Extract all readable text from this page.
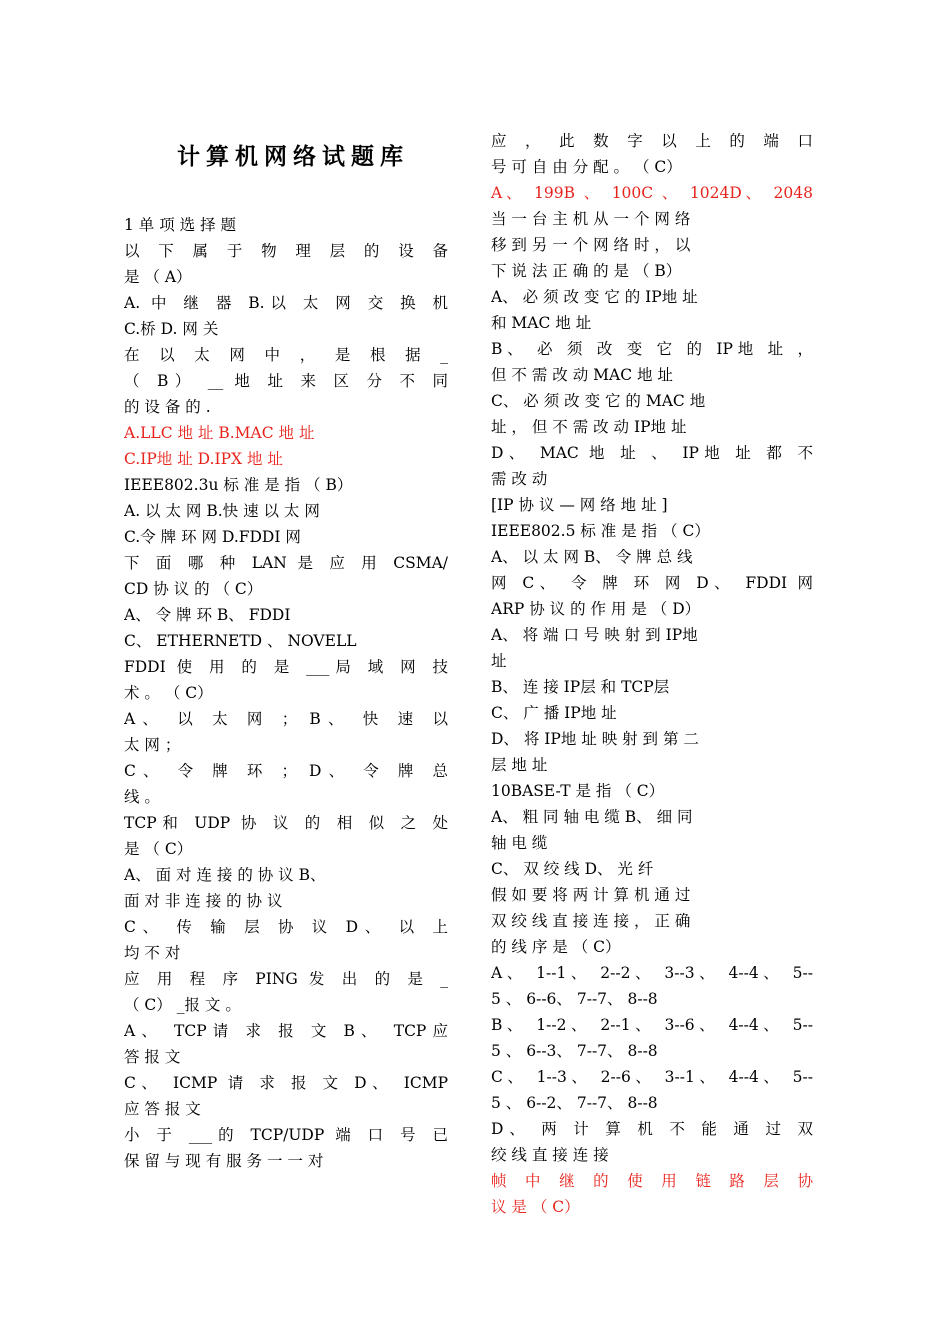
计算机网络试题库
1 单 项 选 择 题
以 下 属 于 物 理 层 的 设 备
是 （ A）
A. 中 继 器 B.以 太 网 交 换 机
C.桥 D. 网 关
在 以 太 网 中 ， 是 根 据 _
（ B） __ 地 址 来 区 分 不 同
的 设 备 的 .
A.LLC 地 址 B.MAC 地 址
C.IP地 址 D.IPX 地 址
IEEE802.3u 标 准 是 指 （ B）
A. 以 太 网 B.快 速 以 太 网
C.令 牌 环 网 D.FDDI 网
下 面 哪 种 LAN 是 应 用 CSMA/
CD 协 议 的 （ C）
A、 令 牌 环 B、 FDDI
C、 ETHERNETD 、 NOVELL
FDDI 使 用 的 是 ___局 域 网 技
术 。 （ C）
A、 以 太 网 ； B、 快 速 以
太 网 ；
C、 令 牌 环 ； D、 令 牌 总
线 。
TCP和 UDP 协 议 的 相 似 之 处
是 （ C）
A、 面 对 连 接 的 协 议 B、
面 对 非 连 接 的 协 议
C、 传 输 层 协 议 D、 以 上
均 不 对
应 用 程 序 PING 发 出 的 是 _
（ C） _报 文 。
A、 TCP请 求 报 文 B、 TCP应
答 报 文
C、 ICMP 请 求 报 文 D、 ICMP
应 答 报 文
小 于 ___的 TCP/UDP 端 口 号 已
保 留 与 现 有 服 务 一 一 对
应 ， 此 数 字 以 上 的 端 口
号 可 自 由 分 配 。 （ C）
A、 199B 、 100C 、 1024D、 2048
当 一 台 主 机 从 一 个 网 络
移 到 另 一 个 网 络 时 ， 以
下 说 法 正 确 的 是 （ B）
A、 必 须 改 变 它 的 IP地 址
和 MAC 地 址
B、 必 须 改 变 它 的 IP地 址 ，
但 不 需 改 动 MAC 地 址
C、 必 须 改 变 它 的 MAC 地
址 ， 但 不 需 改 动 IP地 址
D、 MAC 地 址 、 IP地 址 都 不
需 改 动
[IP 协 议 — 网 络 地 址 ]
IEEE802.5 标 准 是 指 （ C）
A、 以 太 网 B、 令 牌 总 线
网 C、 令 牌 环 网 D、 FDDI 网
ARP 协 议 的 作 用 是 （ D）
A、 将 端 口 号 映 射 到 IP地
址
B、 连 接 IP层 和 TCP层
C、 广 播 IP地 址
D、 将 IP地 址 映 射 到 第 二
层 地 址
10BASE-T 是 指 （ C）
A、 粗 同 轴 电 缆 B、 细 同
轴 电 缆
C、 双 绞 线 D、 光 纤
假 如 要 将 两 计 算 机 通 过
双 绞 线 直 接 连 接 ， 正 确
的 线 序 是 （ C）
A、 1--1、 2--2、 3--3、 4--4、 5--
5 、 6--6、 7--7、 8--8
B、 1--2、 2--1、 3--6、 4--4、 5--
5 、 6--3、 7--7、 8--8
C、 1--3、 2--6、 3--1、 4--4、 5--
5 、 6--2、 7--7、 8--8
D、 两 计 算 机 不 能 通 过 双
绞 线 直 接 连 接
帧 中 继 的 使 用 链 路 层 协
议 是 （ C）
